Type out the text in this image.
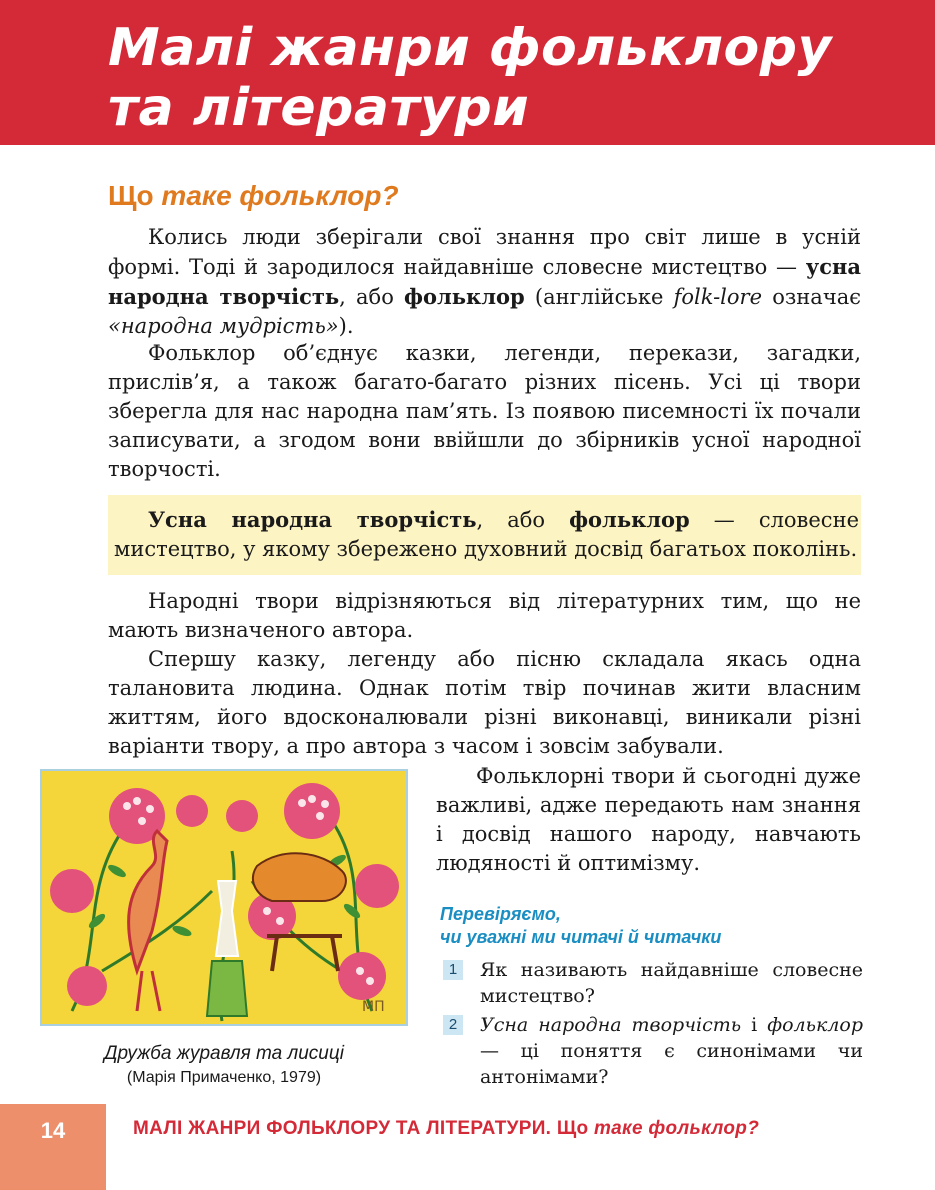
Малі жанри фольклору
та літератури
Що таке фольклор?

Колись люди зберігали свої знання про світ лише в усній формі. Тоді й зародилося найдавніше словесне мистецтво — усна народна творчість, або фольклор (англійське folk-lore означає «народна мудрість»).

Фольклор об’єднує казки, легенди, перекази, загадки, прислів’я, а також багато-багато різних пісень. Усі ці твори зберегла для нас народна пам’ять. Із появою писемності їх почали записувати, а згодом вони ввійшли до збірників усної народної творчості.

Усна народна творчість, або фольклор — словесне мистецтво, у якому збережено духовний досвід багатьох поколінь.

Народні твори відрізняються від літературних тим, що не мають визначеного автора.

Спершу казку, легенду або пісню складала якась одна талановита людина. Однак потім твір починав жити власним життям, його вдосконалювали різні виконавці, виникали різні варіанти твору, а про автора з часом і зовсім забували.

Фольклорні твори й сьогодні дуже важливі, адже передають нам знання і досвід нашого народу, навчають людяності й оптимізму.

МП
Дружба журавля та лисиці
(Марія Примаченко, 1979)

Перевіряємо,
чи уважні ми читачі й читачки

1	Як називають найдавніше словесне мистецтво?
2	Усна народна творчість і фольклор — ці поняття є синонімами чи антонімами?
14	МАЛІ ЖАНРИ ФОЛЬКЛОРУ ТА ЛІТЕРАТУРИ. Що таке фольклор?
